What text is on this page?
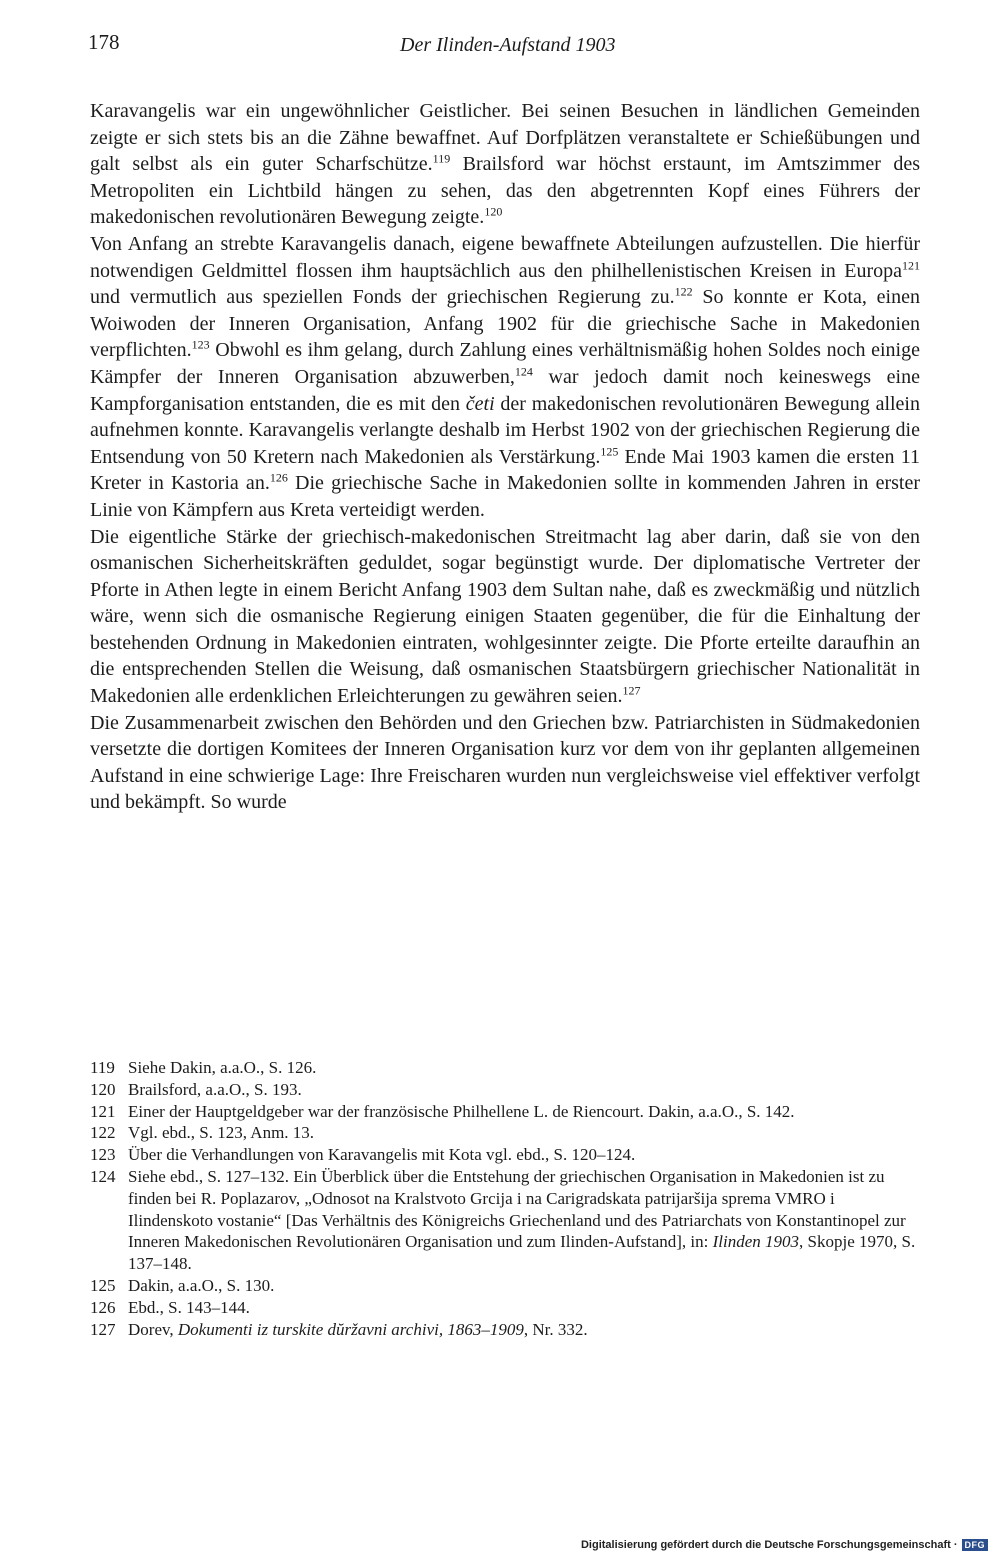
178	Der Ilinden-Aufstand 1903

Karavangelis war ein ungewöhnlicher Geistlicher. Bei seinen Besuchen in ländlichen Gemeinden zeigte er sich stets bis an die Zähne bewaffnet. Auf Dorfplätzen veranstaltete er Schießübungen und galt selbst als ein guter Scharfschütze.$^{119}$ Brailsford war höchst erstaunt, im Amtszimmer des Metropoliten ein Lichtbild hängen zu sehen, das den abgetrennten Kopf eines Führers der makedonischen revolutionären Bewegung zeigte.$^{120}$

Von Anfang an strebte Karavangelis danach, eigene bewaffnete Abteilungen aufzustellen. Die hierfür notwendigen Geldmittel flossen ihm hauptsächlich aus den philhellenistischen Kreisen in Europa$^{121}$ und vermutlich aus speziellen Fonds der griechischen Regierung zu.$^{122}$ So konnte er Kota, einen Woiwoden der Inneren Organisation, Anfang 1902 für die griechische Sache in Makedonien verpflichten.$^{123}$ Obwohl es ihm gelang, durch Zahlung eines verhältnismäßig hohen Soldes noch einige Kämpfer der Inneren Organisation abzuwerben,$^{124}$ war jedoch damit noch keineswegs eine Kampforganisation entstanden, die es mit den četi der makedonischen revolutionären Bewegung allein aufnehmen konnte. Karavangelis verlangte deshalb im Herbst 1902 von der griechischen Regierung die Entsendung von 50 Kretern nach Makedonien als Verstärkung.$^{125}$ Ende Mai 1903 kamen die ersten 11 Kreter in Kastoria an.$^{126}$ Die griechische Sache in Makedonien sollte in kommenden Jahren in erster Linie von Kämpfern aus Kreta verteidigt werden.

Die eigentliche Stärke der griechisch-makedonischen Streitmacht lag aber darin, daß sie von den osmanischen Sicherheitskräften geduldet, sogar begünstigt wurde. Der diplomatische Vertreter der Pforte in Athen legte in einem Bericht Anfang 1903 dem Sultan nahe, daß es zweckmäßig und nützlich wäre, wenn sich die osmanische Regierung einigen Staaten gegenüber, die für die Einhaltung der bestehenden Ordnung in Makedonien eintraten, wohlgesinnter zeigte. Die Pforte erteilte daraufhin an die entsprechenden Stellen die Weisung, daß osmanischen Staatsbürgern griechischer Nationalität in Makedonien alle erdenklichen Erleichterungen zu gewähren seien.$^{127}$

Die Zusammenarbeit zwischen den Behörden und den Griechen bzw. Patriarchisten in Südmakedonien versetzte die dortigen Komitees der Inneren Organisation kurz vor dem von ihr geplanten allgemeinen Aufstand in eine schwierige Lage: Ihre Freischaren wurden nun vergleichsweise viel effektiver verfolgt und bekämpft. So wurde

119 Siehe Dakin, a.a.O., S. 126.

120 Brailsford, a.a.O., S. 193.

121 Einer der Hauptgeldgeber war der französische Philhellene L. de Riencourt. Dakin, a.a.O., S. 142.

122 Vgl. ebd., S. 123, Anm. 13.

123 Über die Verhandlungen von Karavangelis mit Kota vgl. ebd., S. 120–124.

124 Siehe ebd., S. 127–132. Ein Überblick über die Entstehung der griechischen Organisation in Makedonien ist zu finden bei R. Poplazarov, „Odnosot na Kralstvoto Grcija i na Carigradskata patrijaršija sprema VMRO i Ilindenskoto vostanie“ [Das Verhältnis des Königreichs Griechenland und des Patriarchats von Konstantinopel zur Inneren Makedonischen Revolutionären Organisation und zum Ilinden-Aufstand], in: Ilinden 1903, Skopje 1970, S. 137–148.

125 Dakin, a.a.O., S. 130.

126 Ebd., S. 143–144.

127 Dorev, Dokumenti iz turskite dŭržavni archivi, 1863–1909, Nr. 332.

Digitalisierung gefördert durch die Deutsche Forschungsgemeinschaft · DFG
